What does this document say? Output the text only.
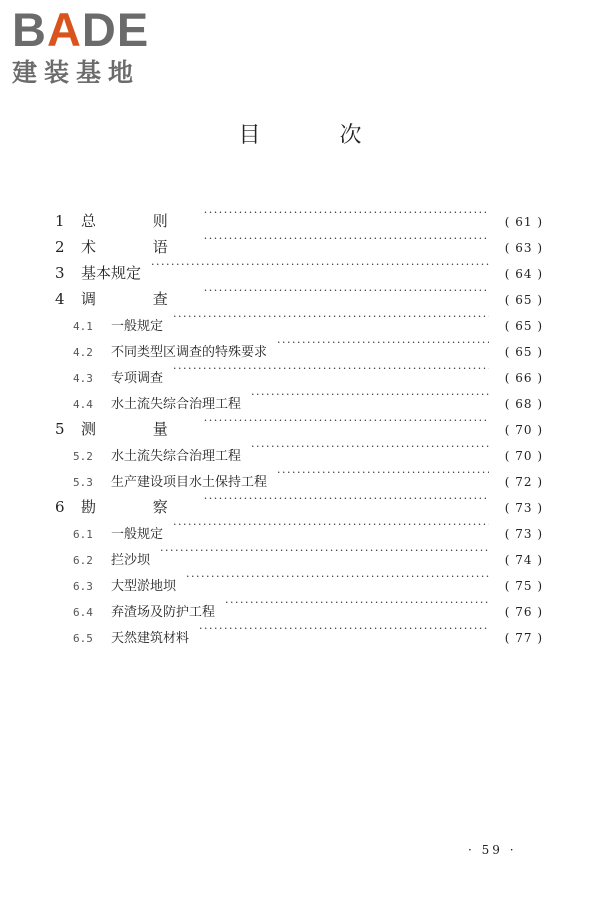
BADE
建装基地
目 次
1	总 则 ·····	( 61 )
2	术 语 ·····	( 63 )
3	基本规定 ·····	( 64 )
4	调 查 ·····	( 65 )
4.1	一般规定 ·····	( 65 )
4.2	不同类型区调查的特殊要求 ·····	( 65 )
4.3	专项调查 ·····	( 66 )
4.4	水土流失综合治理工程 ·····	( 68 )
5	测 量 ·····	( 70 )
5.2	水土流失综合治理工程 ·····	( 70 )
5.3	生产建设项目水土保持工程 ·····	( 72 )
6	勘 察 ·····	( 73 )
6.1	一般规定 ·····	( 73 )
6.2	拦沙坝 ·····	( 74 )
6.3	大型淤地坝 ·····	( 75 )
6.4	弃渣场及防护工程 ·····	( 76 )
6.5	天然建筑材料 ·····	( 77 )
· 59 ·
